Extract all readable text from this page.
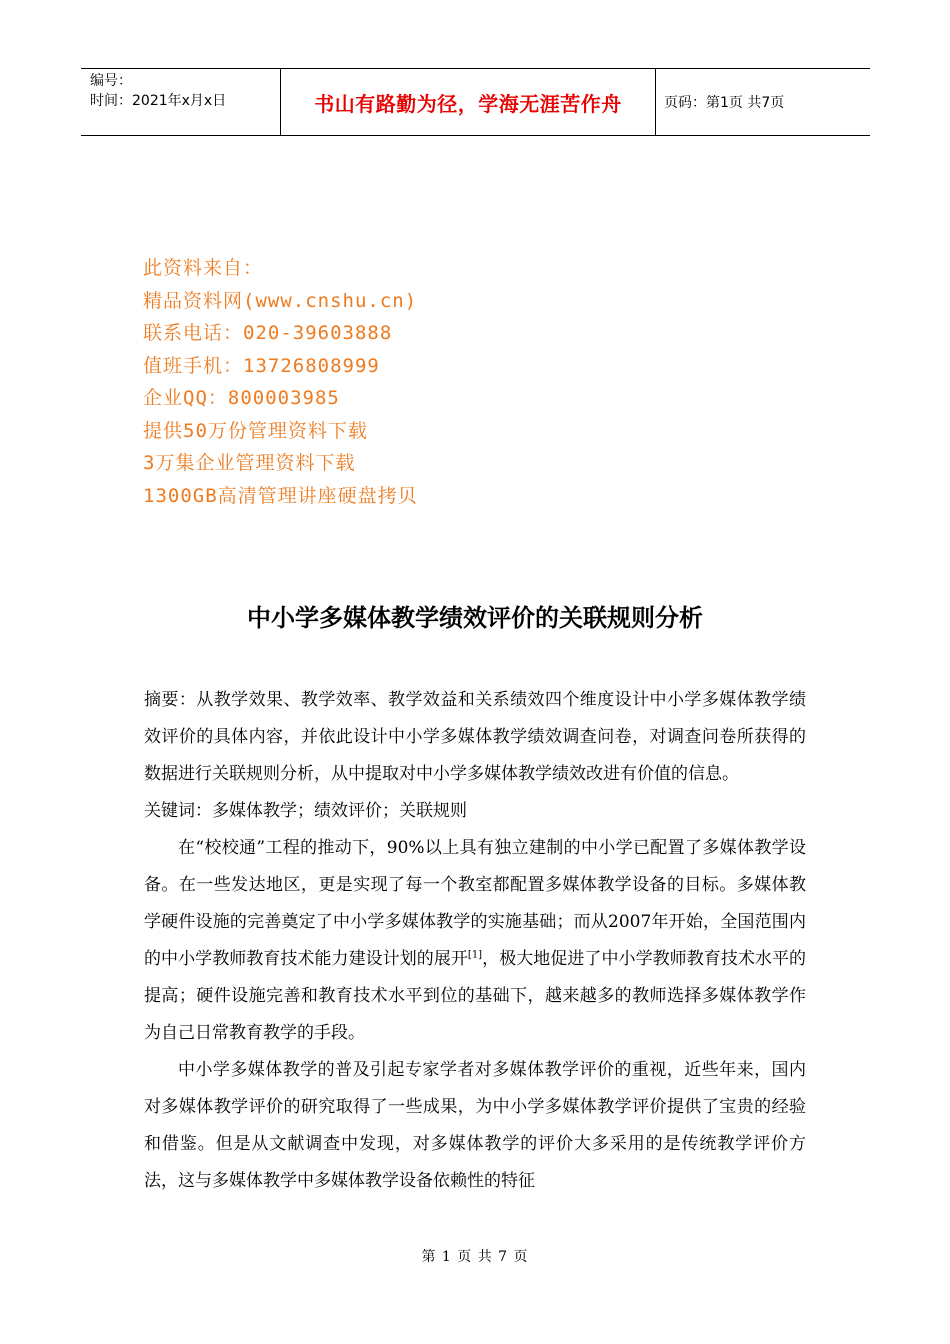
编号：
时间：2021年x月x日	书山有路勤为径，学海无涯苦作舟	页码：第1页 共7页
此资料来自：
精品资料网(www.cnshu.cn)
联系电话：020-39603888
值班手机：13726808999
企业QQ：800003985
提供50万份管理资料下载
3万集企业管理资料下载
1300GB高清管理讲座硬盘拷贝
中小学多媒体教学绩效评价的关联规则分析

摘要：从教学效果、教学效率、教学效益和关系绩效四个维度设计中小学多媒体教学绩效评价的具体内容，并依此设计中小学多媒体教学绩效调查问卷，对调查问卷所获得的数据进行关联规则分析，从中提取对中小学多媒体教学绩效改进有价值的信息。

关键词：多媒体教学；绩效评价；关联规则

在“校校通”工程的推动下，90%以上具有独立建制的中小学已配置了多媒体教学设备。在一些发达地区，更是实现了每一个教室都配置多媒体教学设备的目标。多媒体教学硬件设施的完善奠定了中小学多媒体教学的实施基础；而从2007年开始，全国范围内的中小学教师教育技术能力建设计划的展开[1]，极大地促进了中小学教师教育技术水平的提高；硬件设施完善和教育技术水平到位的基础下，越来越多的教师选择多媒体教学作为自己日常教育教学的手段。

中小学多媒体教学的普及引起专家学者对多媒体教学评价的重视，近些年来，国内对多媒体教学评价的研究取得了一些成果，为中小学多媒体教学评价提供了宝贵的经验和借鉴。但是从文献调查中发现，对多媒体教学的评价大多采用的是传统教学评价方法，这与多媒体教学中多媒体教学设备依赖性的特征

第 1 页 共 7 页
